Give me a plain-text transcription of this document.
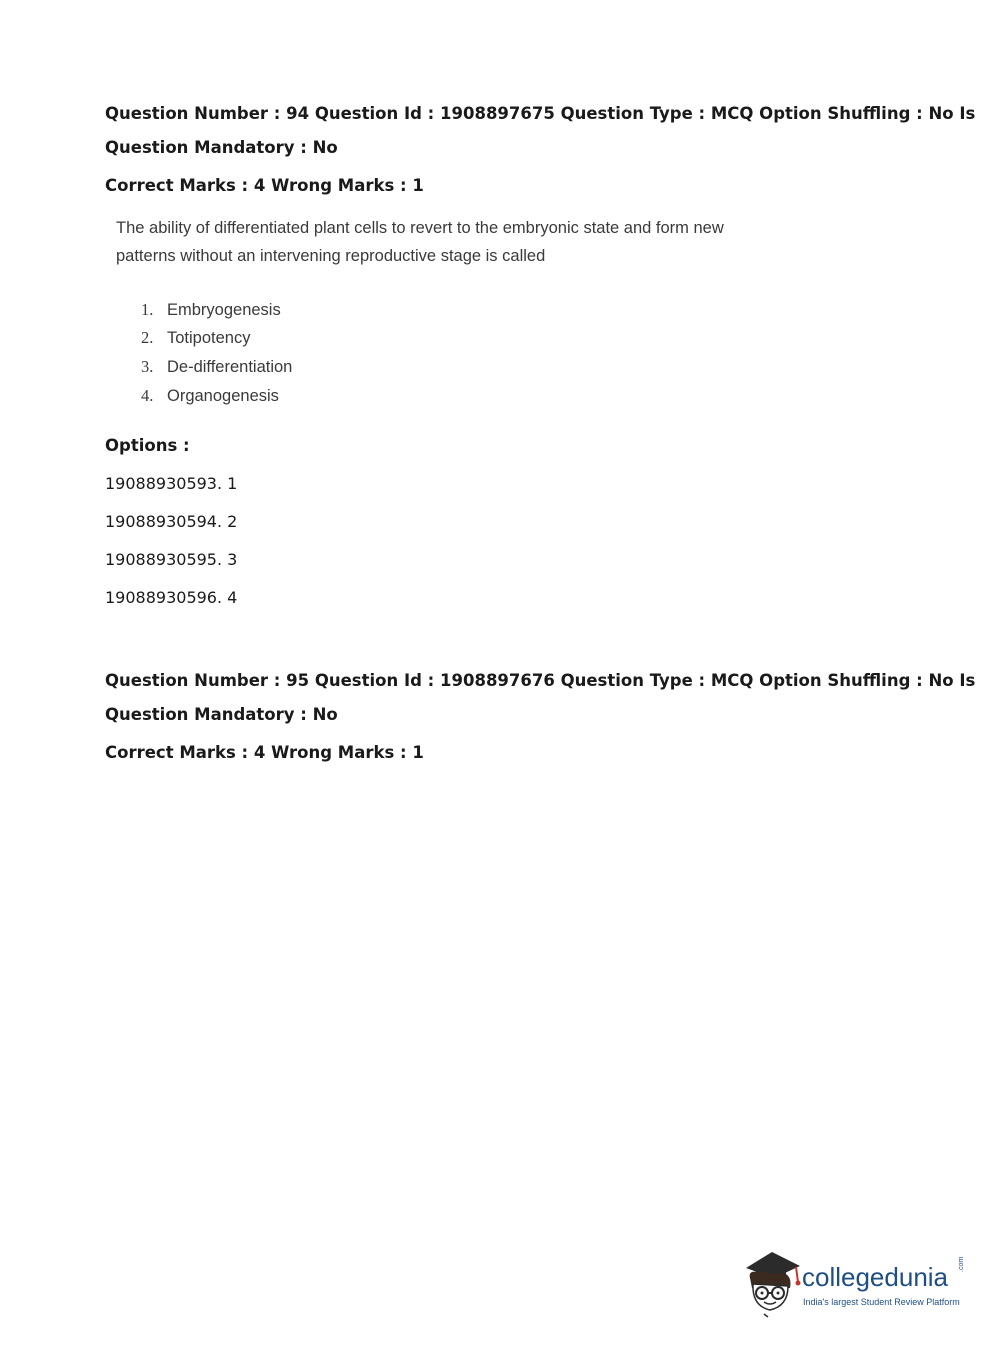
Question Number : 94 Question Id : 1908897675 Question Type : MCQ Option Shuffling : No Is
Question Mandatory : No
Correct Marks : 4 Wrong Marks : 1
The ability of differentiated plant cells to revert to the embryonic state and form new
patterns without an intervening reproductive stage is called
1. Embryogenesis
2. Totipotency
3. De-differentiation
4. Organogenesis
Options :
19088930593. 1
19088930594. 2
19088930595. 3
19088930596. 4
Question Number : 95 Question Id : 1908897676 Question Type : MCQ Option Shuffling : No Is
Question Mandatory : No
Correct Marks : 4 Wrong Marks : 1
collegedunia .com
India's largest Student Review Platform
